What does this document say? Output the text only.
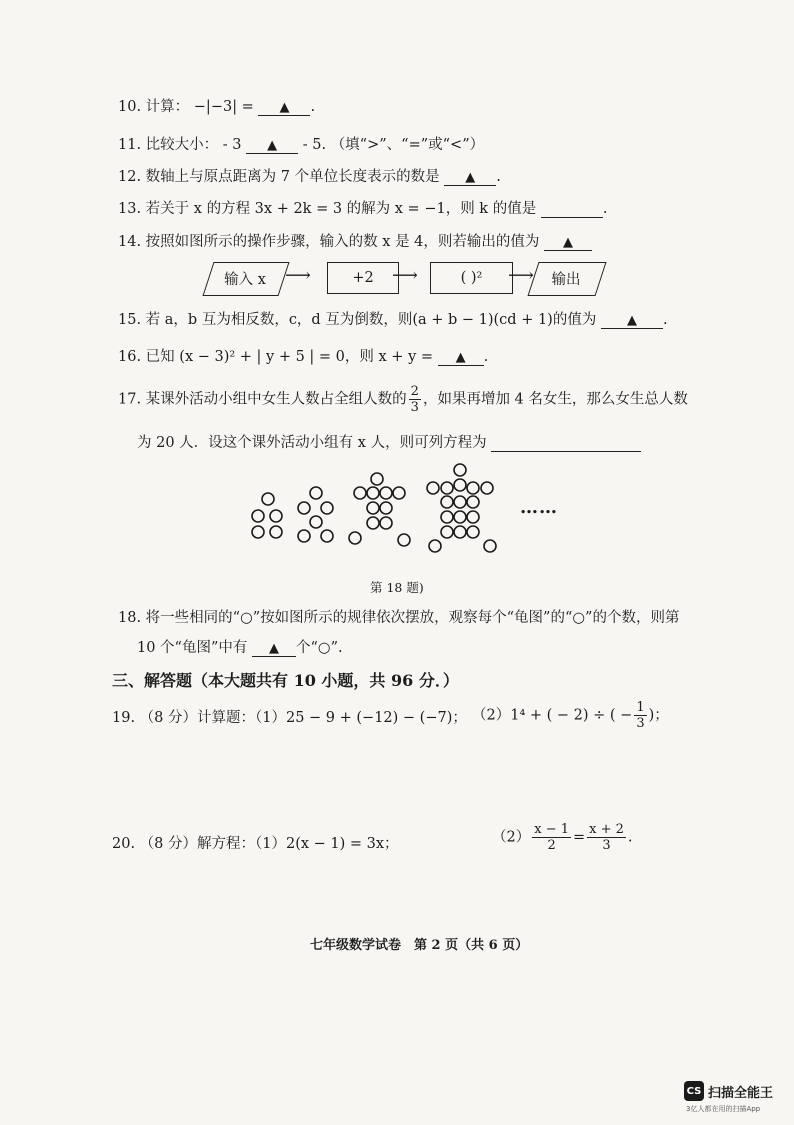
10. 计算： −|−3| = ▲ .
11. 比较大小： - 3 ▲ - 5. （填“>”、“=”或“<”）
12. 数轴上与原点距离为 7 个单位长度表示的数是 ▲ .
13. 若关于 x 的方程 3x + 2k = 3 的解为 x = −1，则 k 的值是	.
14. 按照如图所示的操作步骤，输入的数 x 是 4，则若输出的值为 ▲
输入 x	⟶	+2	⟶	( )²	⟶	输出
15. 若 a，b 互为相反数，c，d 互为倒数，则(a + b − 1)(cd + 1)的值为 ▲ .
16. 已知 (x − 3)² + | y + 5 | = 0，则 x + y = ▲ .
17. 某课外活动小组中女生人数占全组人数的 $\frac{2}{3}$ ，如果再增加 4 名女生，那么女生总人数
为 20 人．设这个课外活动小组有 x 人，则可列方程为
……
第 18 题)
18. 将一些相同的“○”按如图所示的规律依次摆放，观察每个“龟图”的“○”的个数，则第
10 个“龟图”中有 ▲ 个“○”.
三、解答题（本大题共有 10 小题，共 96 分．）
19. （8 分）计算题：（1）25 − 9 + (−12) − (−7)； （2）1⁴ + ( − 2) ÷ ( − $\frac{1}{3}$ )；
20. （8 分）解方程：（1）2(x − 1) = 3x；	$(2) \frac{x - 1}{2} = \frac{x + 2}{3}$ .
七年级数学试卷　第 2 页（共 6 页）
CS 扫描全能王
3亿人都在用的扫描App
